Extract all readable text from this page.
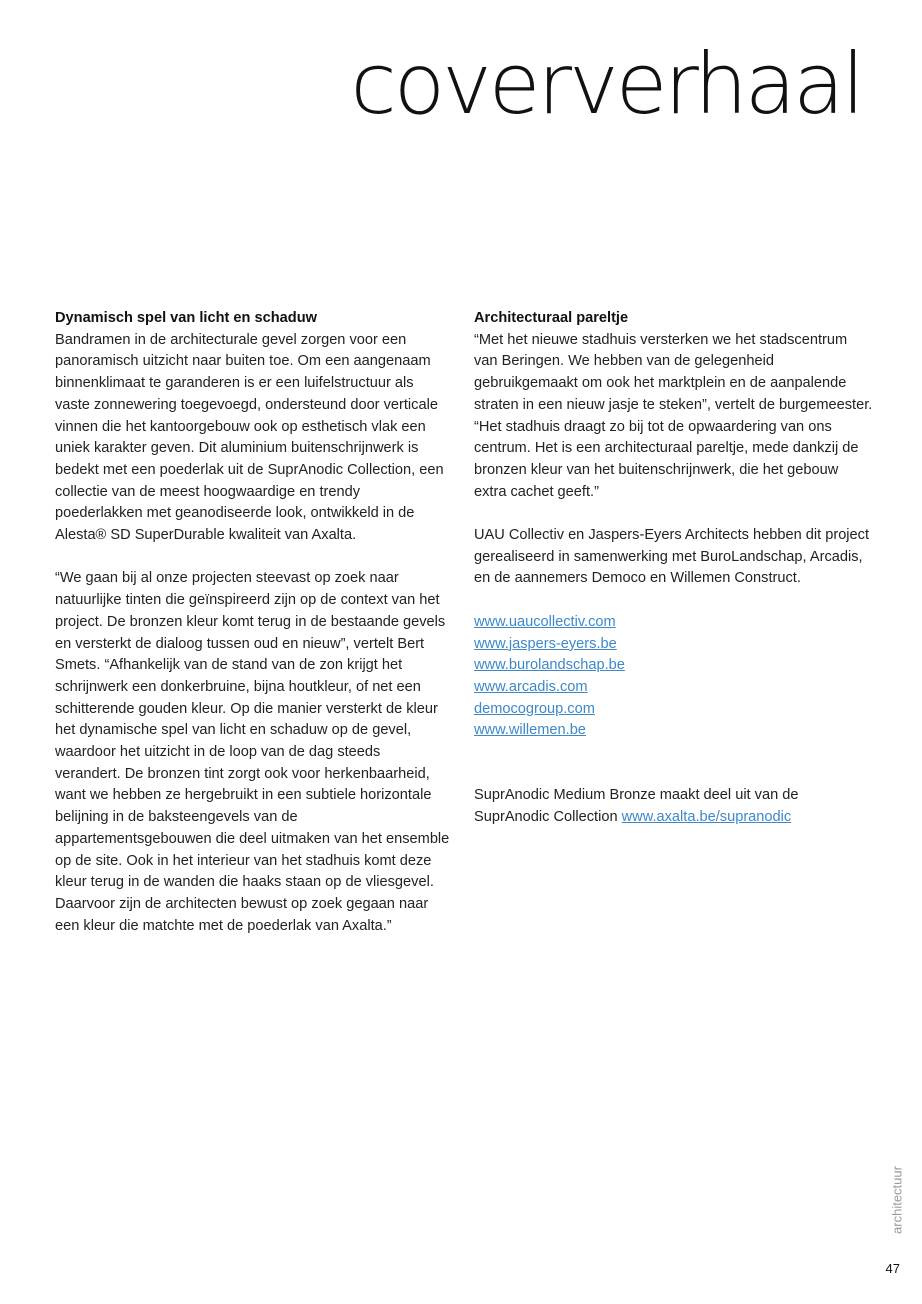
coververhaal
Dynamisch spel van licht en schaduw

Bandramen in de architecturale gevel zorgen voor een panoramisch uitzicht naar buiten toe. Om een aangenaam binnenklimaat te garanderen is er een luifelstructuur als vaste zonnewering toegevoegd, ondersteund door verticale vinnen die het kantoorgebouw ook op esthetisch vlak een uniek karakter geven. Dit aluminium buitenschrijnwerk is bedekt met een poederlak uit de SuprAnodic Collection, een collectie van de meest hoogwaardige en trendy poederlakken met geanodiseerde look, ontwikkeld in de Alesta® SD SuperDurable kwaliteit van Axalta.

“We gaan bij al onze projecten steevast op zoek naar natuurlijke tinten die geïnspireerd zijn op de context van het project. De bronzen kleur komt terug in de bestaande gevels en versterkt de dialoog tussen oud en nieuw”, vertelt Bert Smets. “Afhankelijk van de stand van de zon krijgt het schrijnwerk een donkerbruine, bijna houtkleur, of net een schitterende gouden kleur. Op die manier versterkt de kleur het dynamische spel van licht en schaduw op de gevel, waardoor het uitzicht in de loop van de dag steeds verandert. De bronzen tint zorgt ook voor herkenbaarheid, want we hebben ze hergebruikt in een subtiele horizontale belijning in de baksteengevels van de appartementsgebouwen die deel uitmaken van het ensemble op de site. Ook in het interieur van het stadhuis komt deze kleur terug in de wanden die haaks staan op de vliesgevel. Daarvoor zijn de architecten bewust op zoek gegaan naar een kleur die matchte met de poederlak van Axalta.”

Architecturaal pareltje

“Met het nieuwe stadhuis versterken we het stadscentrum van Beringen. We hebben van de gelegenheid gebruikgemaakt om ook het marktplein en de aanpalende straten in een nieuw jasje te steken”, vertelt de burgemeester. “Het stadhuis draagt zo bij tot de opwaardering van ons centrum. Het is een architecturaal pareltje, mede dankzij de bronzen kleur van het buitenschrijnwerk, die het gebouw extra cachet geeft.”

UAU Collectiv en Jaspers-Eyers Architects hebben dit project gerealiseerd in samenwerking met BuroLandschap, Arcadis, en de aannemers Democo en Willemen Construct.

www.uaucollectiv.com
www.jaspers-eyers.be
www.burolandschap.be
www.arcadis.com
democogroup.com
www.willemen.be

SuprAnodic Medium Bronze maakt deel uit van de SuprAnodic Collection www.axalta.be/supranodic

architectuur
47
